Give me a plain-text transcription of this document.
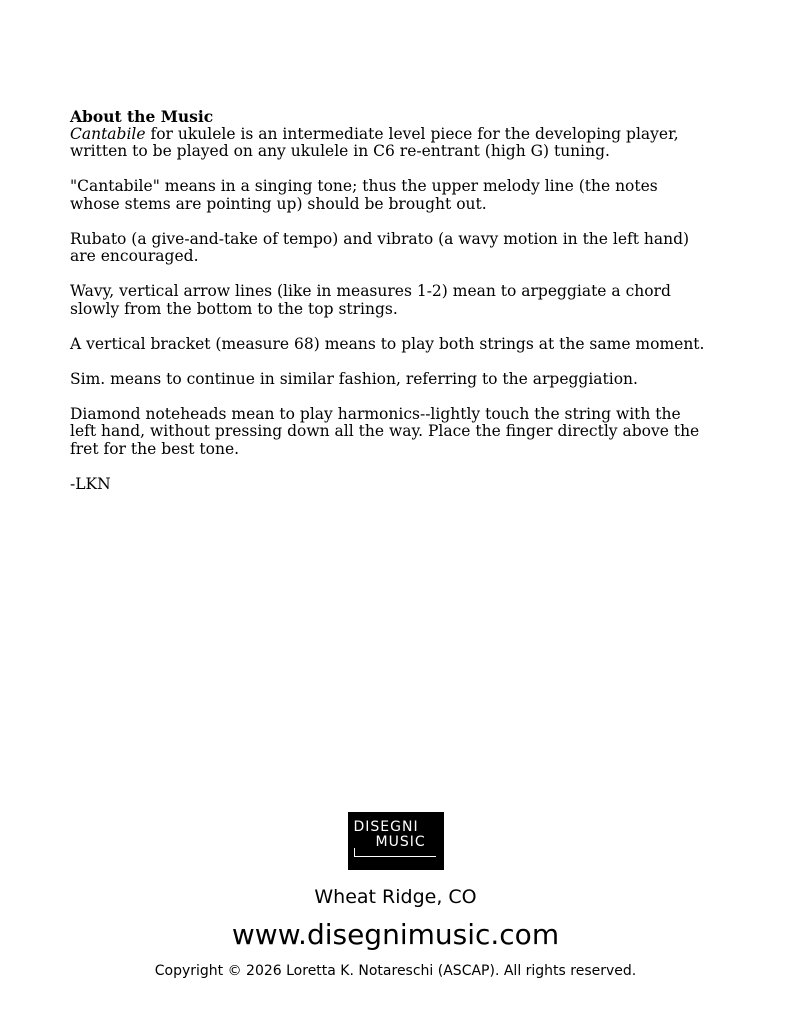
About the Music

Cantabile for ukulele is an intermediate level piece for the developing player, written to be played on any ukulele in C6 re-entrant (high G) tuning.

"Cantabile" means in a singing tone; thus the upper melody line (the notes whose stems are pointing up) should be brought out.

Rubato (a give-and-take of tempo) and vibrato (a wavy motion in the left hand) are encouraged.

Wavy, vertical arrow lines (like in measures 1-2) mean to arpeggiate a chord slowly from the bottom to the top strings.

A vertical bracket (measure 68) means to play both strings at the same moment.

Sim. means to continue in similar fashion, referring to the arpeggiation.

Diamond noteheads mean to play harmonics--lightly touch the string with the left hand, without pressing down all the way. Place the finger directly above the fret for the best tone.

-LKN

DISEGNI
MUSIC
Wheat Ridge, CO
www.disegnimusic.com
Copyright © 2026 Loretta K. Notareschi (ASCAP). All rights reserved.
